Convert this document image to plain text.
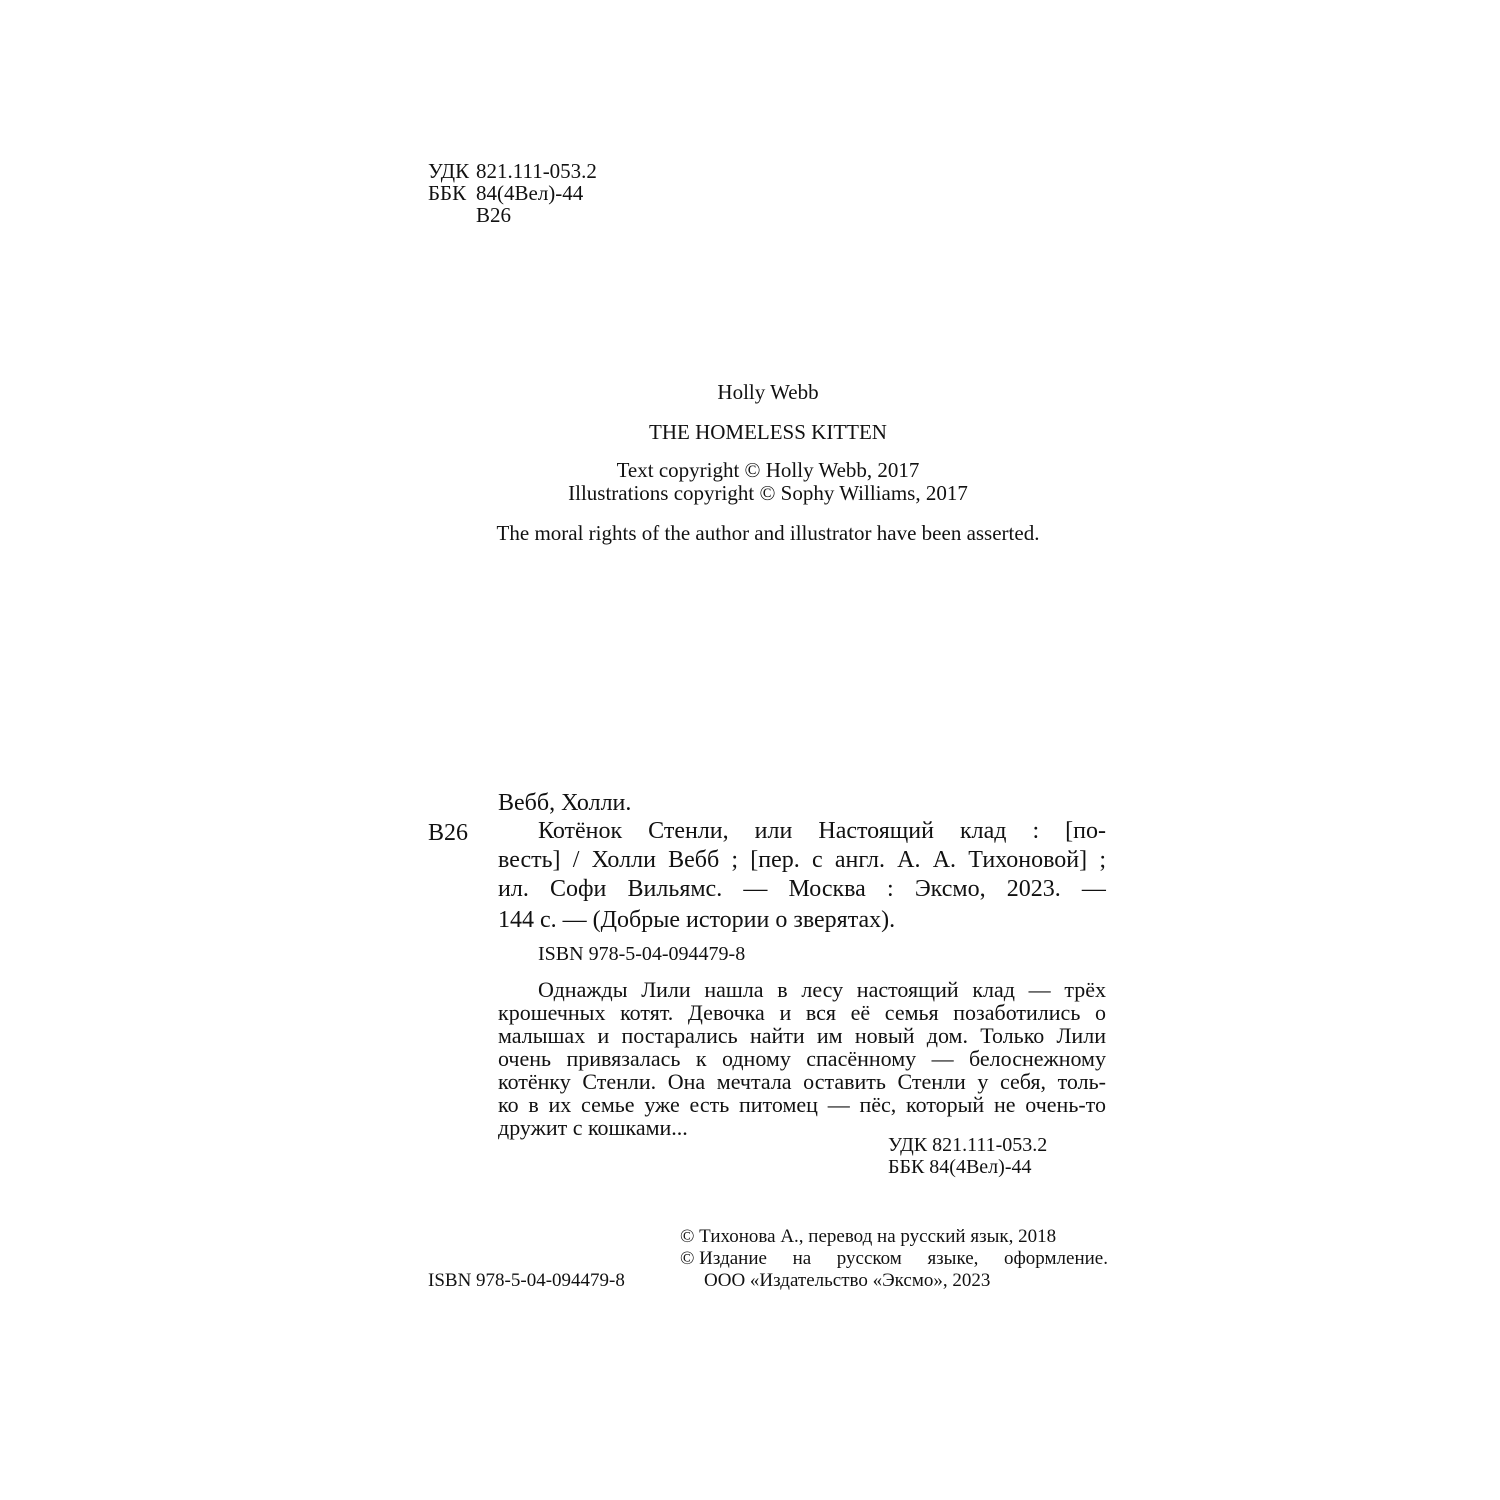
УДК 821.111-053.2
ББК 84(4Вел)-44
В26
Holly Webb
THE HOMELESS KITTEN
Text copyright © Holly Webb, 2017
Illustrations copyright © Sophy Williams, 2017
The moral rights of the author and illustrator have been asserted.
Вебб, Холли.
В26	Котёнок Стенли, или Настоящий клад : [по-
весть] / Холли Вебб ; [пер. с англ. А. А. Тихоновой] ;
ил. Софи Вильямс. — Москва : Эксмо, 2023. —
144 с. — (Добрые истории о зверятах).
ISBN 978-5-04-094479-8
Однажды Лили нашла в лесу настоящий клад — трёх
крошечных котят. Девочка и вся её семья позаботились о
малышах и постарались найти им новый дом. Только Лили
очень привязалась к одному спасённому — белоснежному
котёнку Стенли. Она мечтала оставить Стенли у себя, толь-
ко в их семье уже есть питомец — пёс, который не очень-то
дружит с кошками...
УДК 821.111-053.2
ББК 84(4Вел)-44
© Тихонова А., перевод на русский язык, 2018
© Издание на русском языке, оформление.
ООО «Издательство «Эксмо», 2023
ISBN 978-5-04-094479-8
